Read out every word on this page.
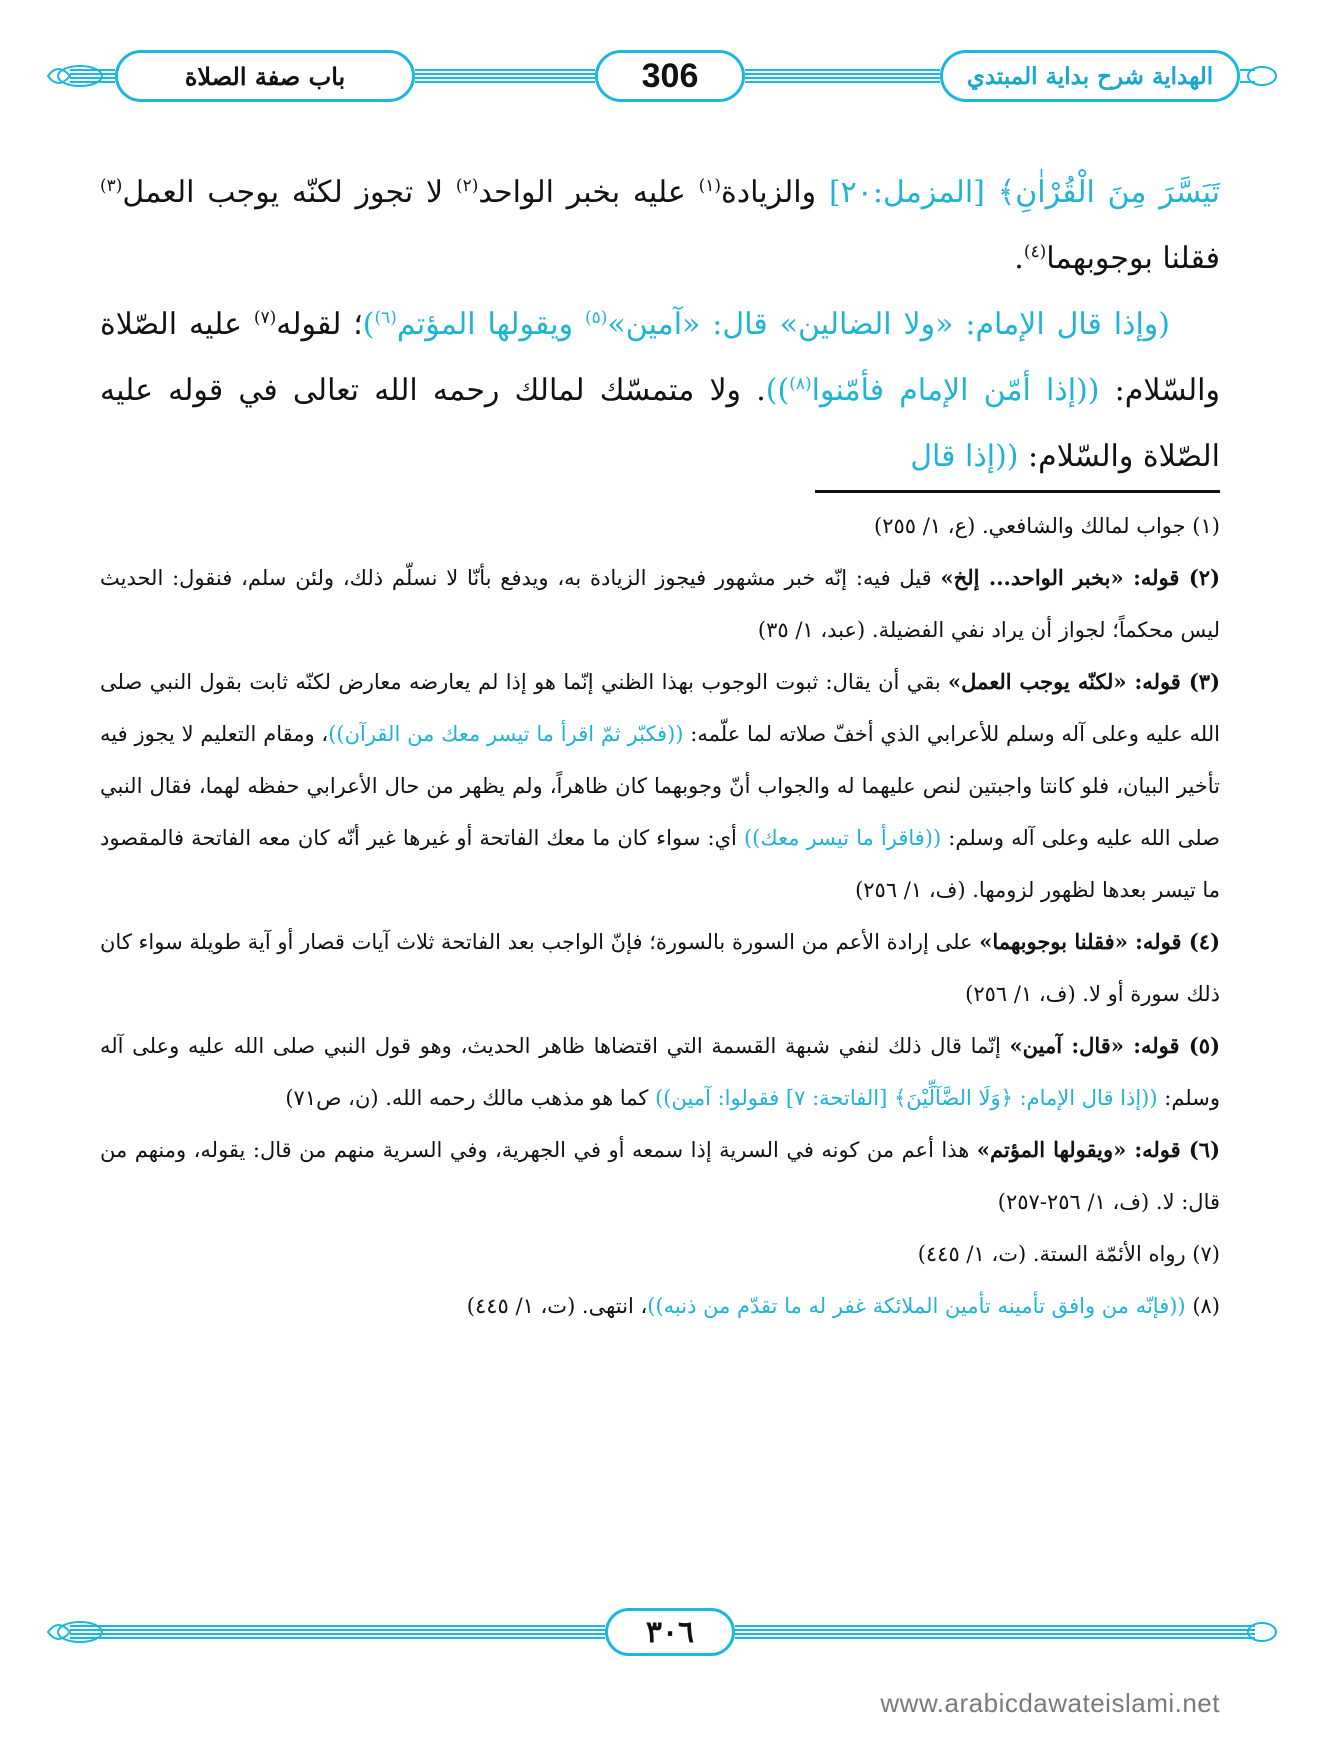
باب صفة الصلاة	306	الهداية شرح بداية المبتدي

تَيَسَّرَ مِنَ الْقُرْاٰنِ﴾ [المزمل:٢٠] والزيادة$^{(١)}$ عليه بخبر الواحد$^{(٢)}$ لا تجوز لكنّه يوجب العمل$^{(٣)}$ فقلنا بوجوبهما$^{(٤)}$.

(وإذا قال الإمام: «ولا الضالين» قال: «آمين»$^{(٥)}$ ويقولها المؤتم$^{(٦)}$)؛ لقوله$^{(٧)}$ عليه الصّلاة والسّلام: ((إذا أمّن الإمام فأمّنوا$^{(٨)}$)). ولا متمسّك لمالك رحمه الله تعالى في قوله عليه الصّلاة والسّلام: ((إذا قال

(١) جواب لمالك والشافعي. (ع، ١/ ٢٥٥)

(٢) قوله: «بخبر الواحد... إلخ» قيل فيه: إنّه خبر مشهور فيجوز الزيادة به، ويدفع بأنّا لا نسلّم ذلك، ولئن سلم، فنقول: الحديث ليس محكماً؛ لجواز أن يراد نفي الفضيلة. (عبد، ١/ ٣٥)

(٣) قوله: «لكنّه يوجب العمل» بقي أن يقال: ثبوت الوجوب بهذا الظني إنّما هو إذا لم يعارضه معارض لكنّه ثابت بقول النبي صلى الله عليه وعلى آله وسلم للأعرابي الذي أخفّ صلاته لما علّمه: ((فكبّر ثمّ اقرأ ما تيسر معك من القرآن))، ومقام التعليم لا يجوز فيه تأخير البيان، فلو كانتا واجبتين لنص عليهما له والجواب أنّ وجوبهما كان ظاهراً، ولم يظهر من حال الأعرابي حفظه لهما، فقال النبي صلى الله عليه وعلى آله وسلم: ((فاقرأ ما تيسر معك)) أي: سواء كان ما معك الفاتحة أو غيرها غير أنّه كان معه الفاتحة فالمقصود ما تيسر بعدها لظهور لزومها. (ف، ١/ ٢٥٦)

(٤) قوله: «فقلنا بوجوبهما» على إرادة الأعم من السورة بالسورة؛ فإنّ الواجب بعد الفاتحة ثلاث آيات قصار أو آية طويلة سواء كان ذلك سورة أو لا. (ف، ١/ ٢٥٦)

(٥) قوله: «قال: آمين» إنّما قال ذلك لنفي شبهة القسمة التي اقتضاها ظاهر الحديث، وهو قول النبي صلى الله عليه وعلى آله وسلم: ((إذا قال الإمام: ﴿وَلَا الضَّآلِّيْنَ﴾ [الفاتحة: ٧] فقولوا: آمين)) كما هو مذهب مالك رحمه الله. (ن، ص٧١)

(٦) قوله: «ويقولها المؤتم» هذا أعم من كونه في السرية إذا سمعه أو في الجهرية، وفي السرية منهم من قال: يقوله، ومنهم من قال: لا. (ف، ١/ ٢٥٦-٢٥٧)

(٧) رواه الأئمّة الستة. (ت، ١/ ٤٤٥)

(٨) ((فإنّه من وافق تأمينه تأمين الملائكة غفر له ما تقدّم من ذنبه))، انتهى. (ت، ١/ ٤٤٥)

٣٠٦
www.arabicdawateislami.net
